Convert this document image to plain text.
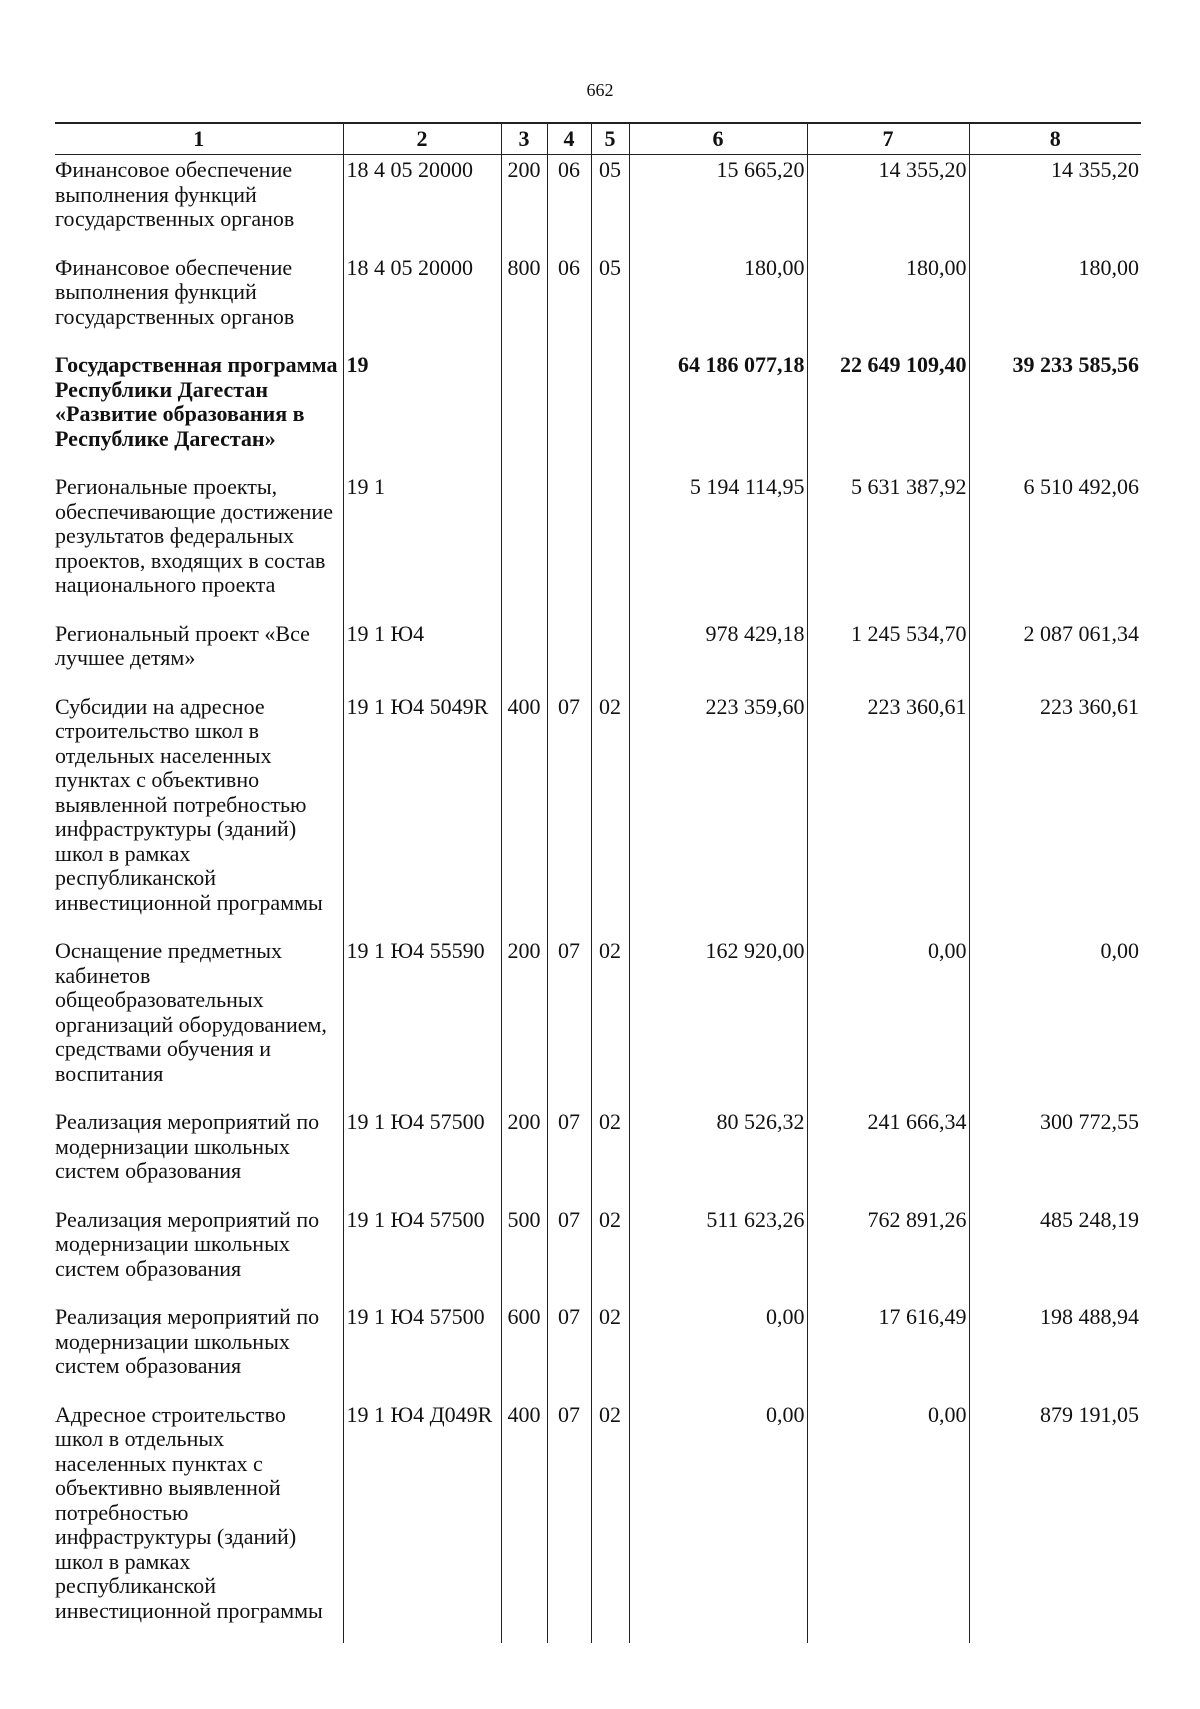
662
1	2	3	4	5	6	7	8
Финансовое обеспечение выполнения функций государственных органов	18 4 05 20000	200	06	05	15 665,20	14 355,20	14 355,20
Финансовое обеспечение выполнения функций государственных органов	18 4 05 20000	800	06	05	180,00	180,00	180,00
Государственная программа Республики Дагестан «Развитие образования в Республике Дагестан»	19				64 186 077,18	22 649 109,40	39 233 585,56
Региональные проекты, обеспечивающие достижение результатов федеральных проектов, входящих в состав национального проекта	19 1				5 194 114,95	5 631 387,92	6 510 492,06
Региональный проект «Все лучшее детям»	19 1 Ю4				978 429,18	1 245 534,70	2 087 061,34
Субсидии на адресное строительство школ в отдельных населенных пунктах с объективно выявленной потребностью инфраструктуры (зданий) школ в рамках республиканской инвестиционной программы	19 1 Ю4 5049R	400	07	02	223 359,60	223 360,61	223 360,61
Оснащение предметных кабинетов общеобразовательных организаций оборудованием, средствами обучения и воспитания	19 1 Ю4 55590	200	07	02	162 920,00	0,00	0,00
Реализация мероприятий по модернизации школьных систем образования	19 1 Ю4 57500	200	07	02	80 526,32	241 666,34	300 772,55
Реализация мероприятий по модернизации школьных систем образования	19 1 Ю4 57500	500	07	02	511 623,26	762 891,26	485 248,19
Реализация мероприятий по модернизации школьных систем образования	19 1 Ю4 57500	600	07	02	0,00	17 616,49	198 488,94
Адресное строительство школ в отдельных населенных пунктах с объективно выявленной потребностью инфраструктуры (зданий) школ в рамках республиканской инвестиционной программы	19 1 Ю4 Д049R	400	07	02	0,00	0,00	879 191,05
